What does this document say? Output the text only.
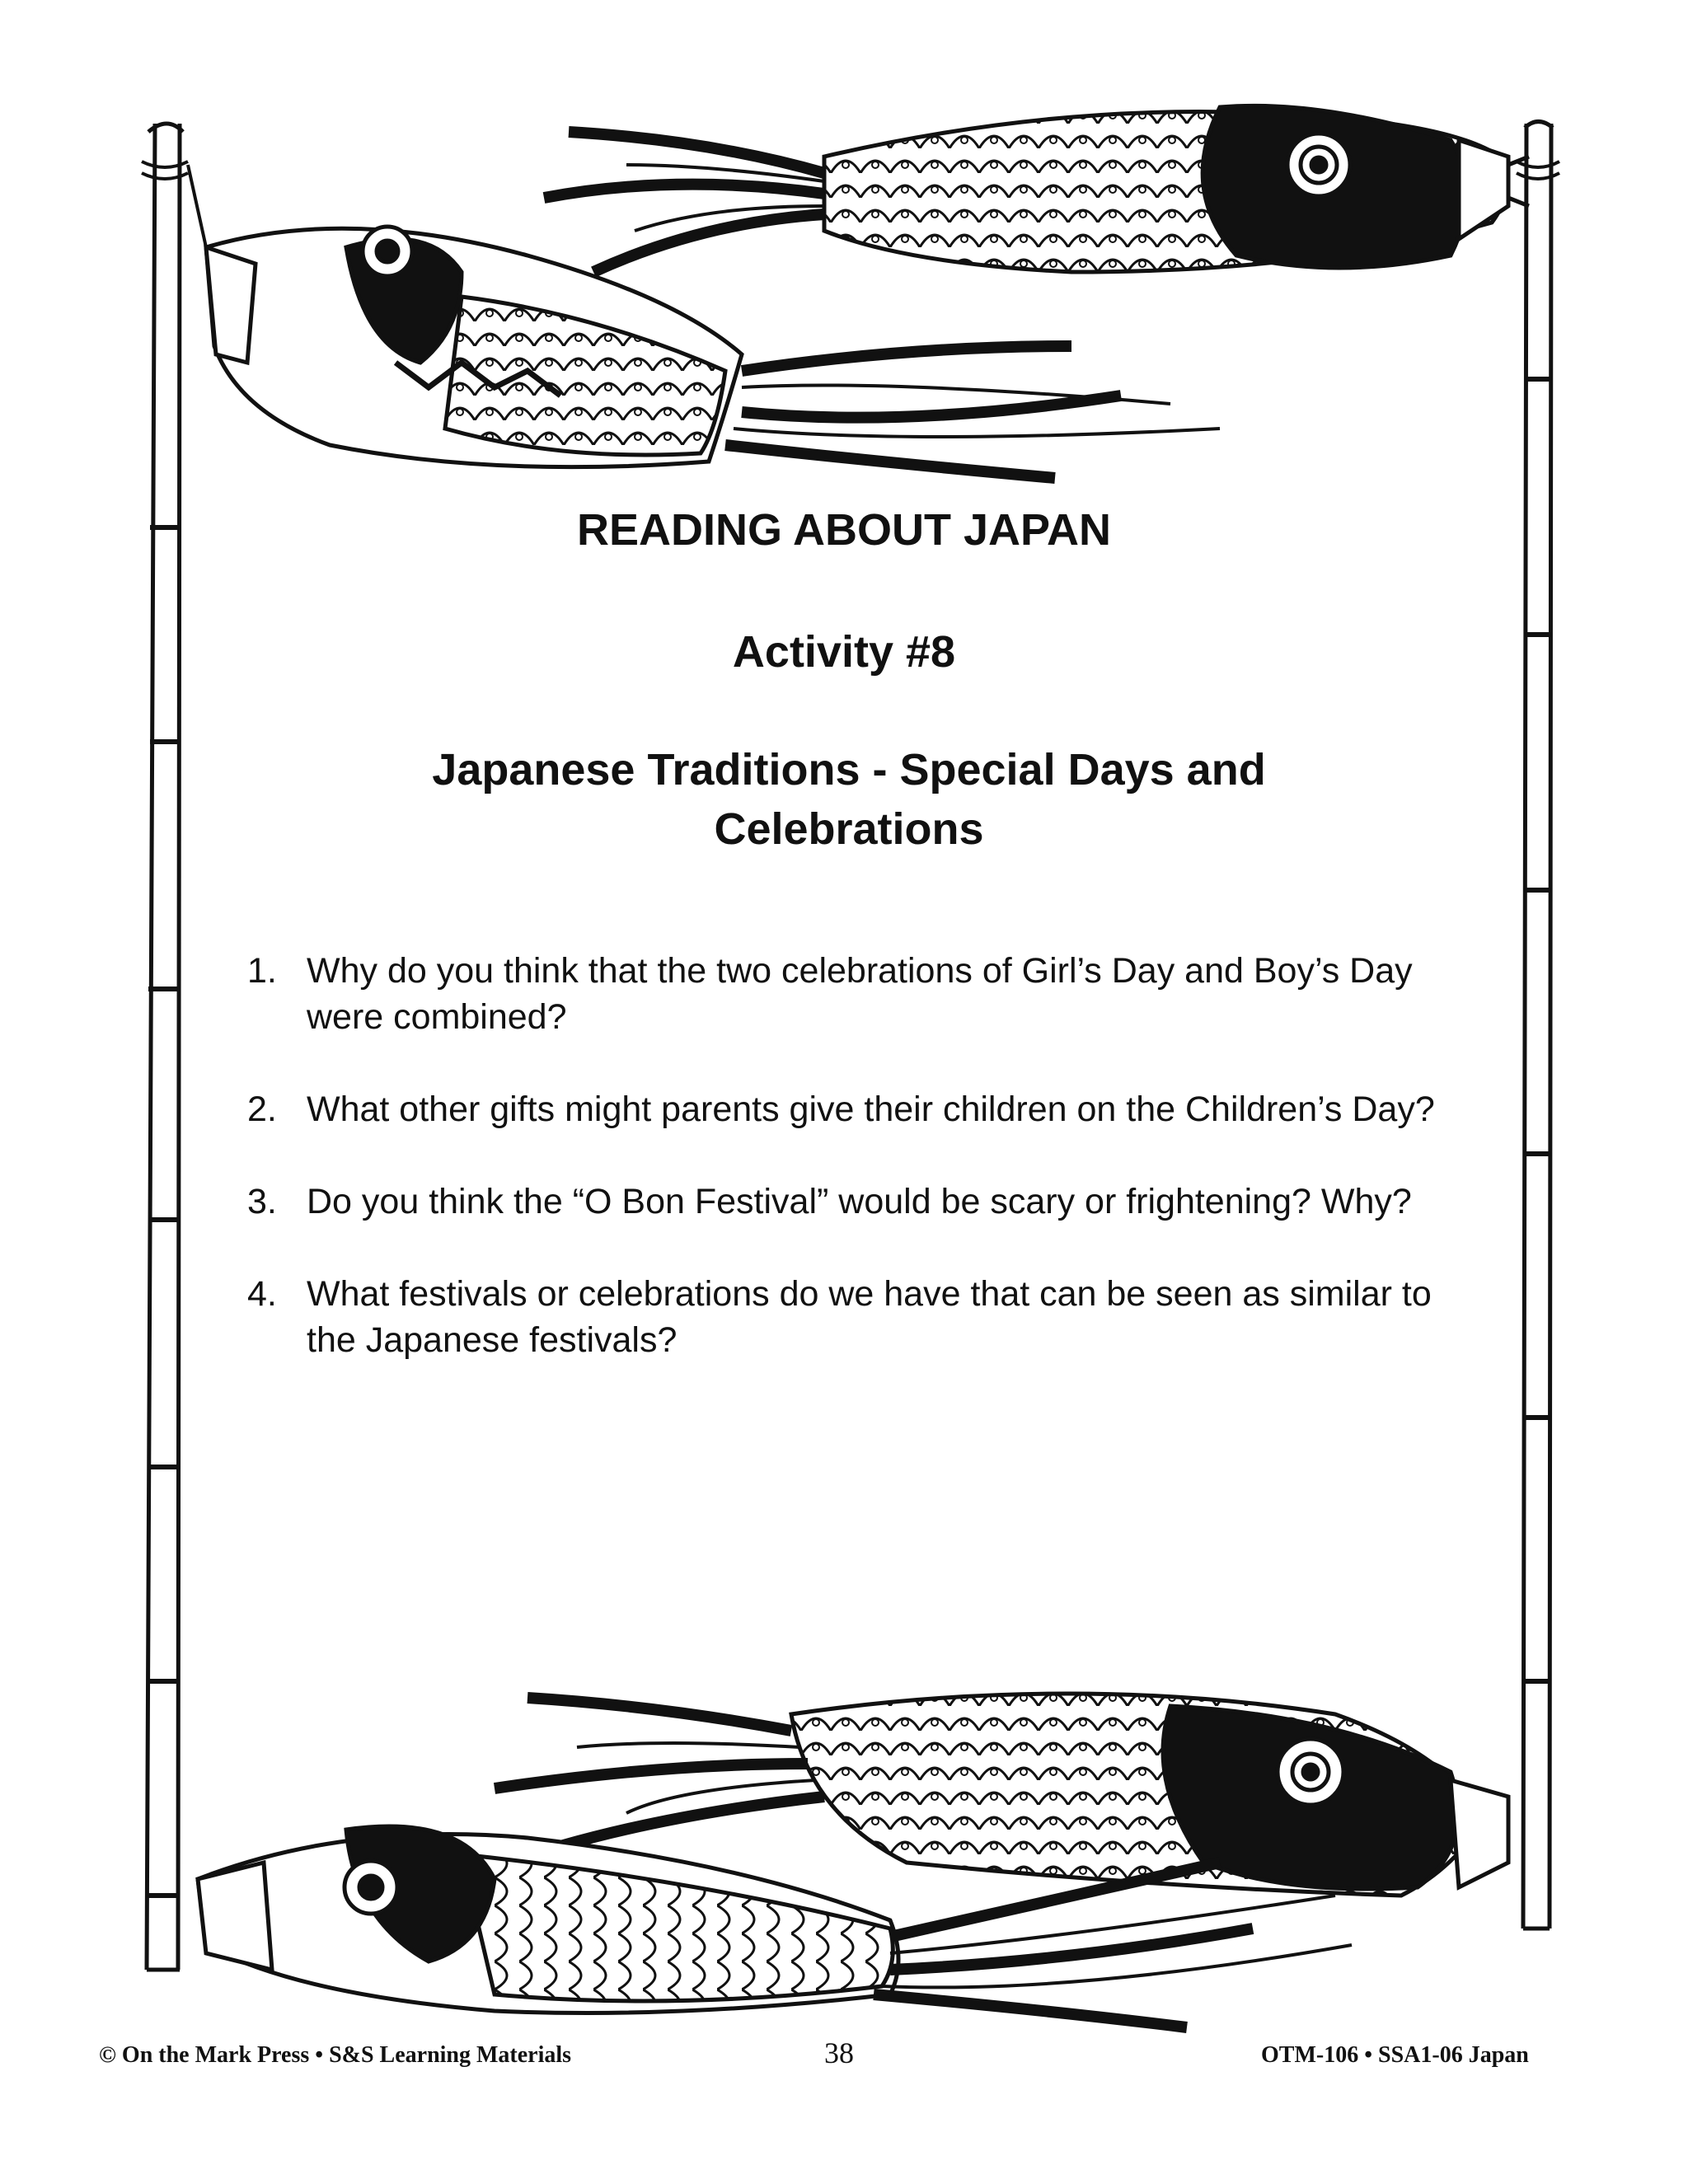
READING ABOUT JAPAN
Activity #8
Japanese Traditions - Special Days and Celebrations
1. Why do you think that the two celebrations of Girl’s Day and Boy’s Day were combined?
2. What other gifts might parents give their children on the Children’s Day?
3. Do you think the “O Bon Festival” would be scary or frightening? Why?
4. What festivals or celebrations do we have that can be seen as similar to the Japanese festivals?
© On the Mark Press • S&S Learning Materials	38	OTM-106 • SSA1-06 Japan
